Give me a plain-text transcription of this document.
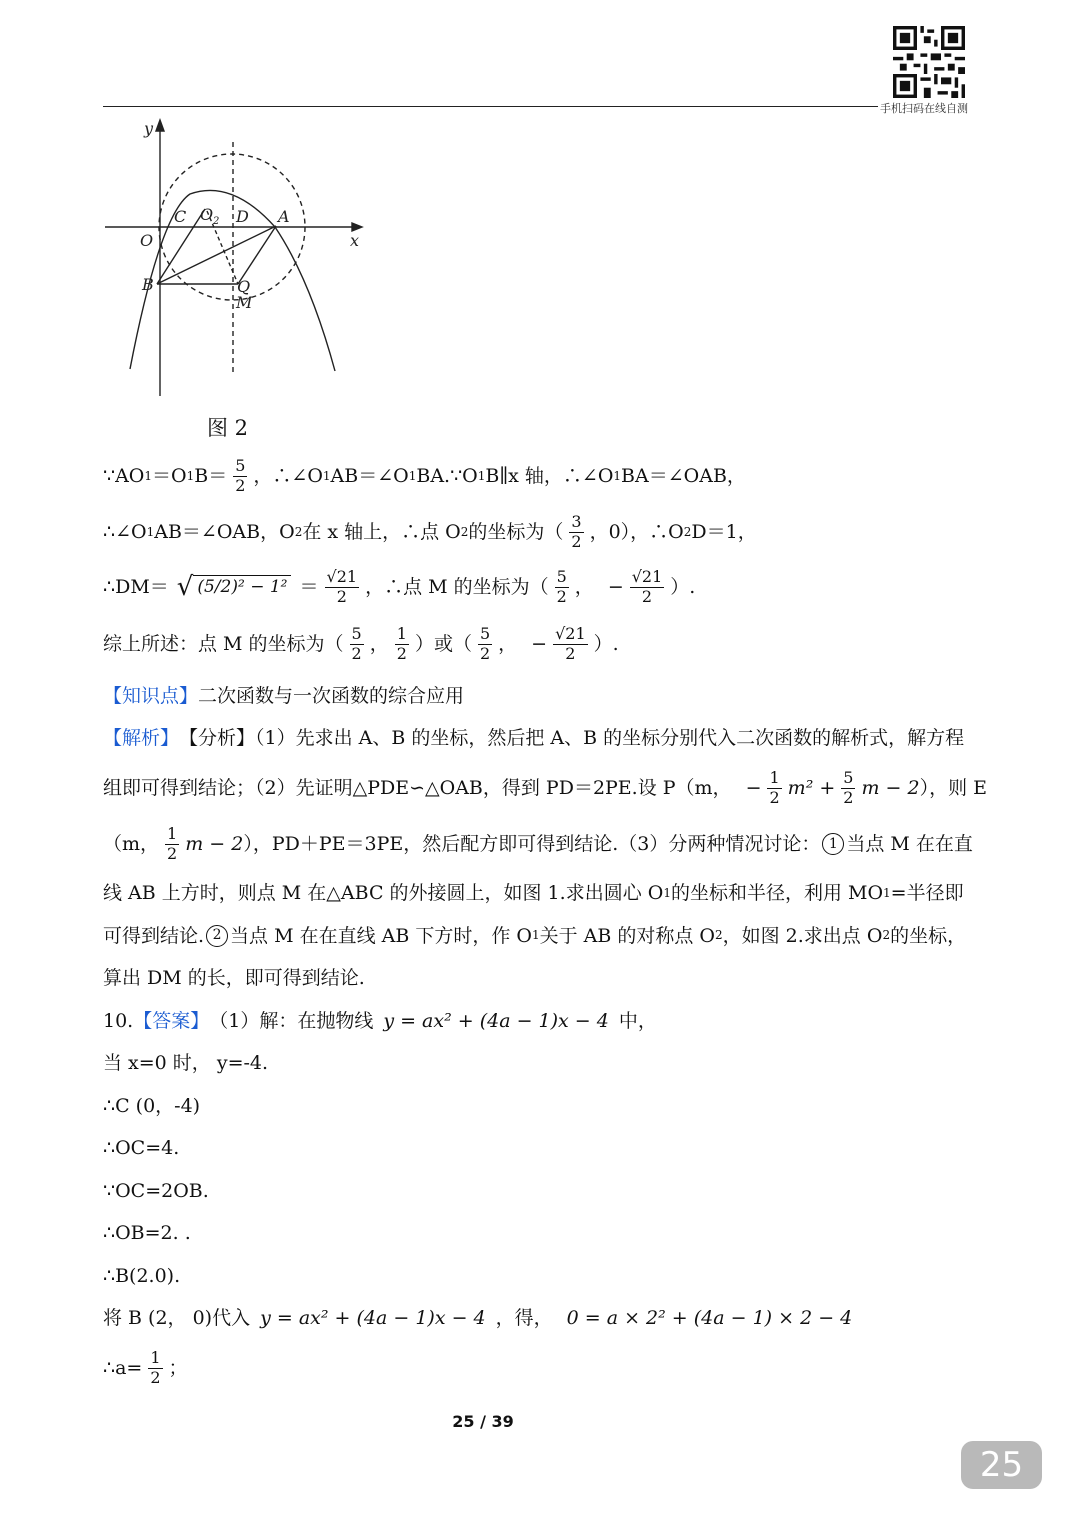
手机扫码在线自测
y
x
O
C O 2 D A
B	Q
M
图 2
∵AO 1 ＝O 1 $B= \frac{5}{2}$ ，∴∠O 1 AB＝∠O 1 BA.∵O 1 B∥x 轴，∴∠O 1 BA＝∠OAB，
∴∠O 1 AB＝∠OAB，O 2 在 x 轴上，∴点 O 2 的坐标为（ $\frac{3}{2}$ ，0），∴O 2 D＝1，
∴DM＝ √ $(5/2)^2 - 1^2 = \frac{√21}{2}$ ，∴点 M 的坐标为（ $\frac{5}{2}$ ， − $\frac{√21}{2}$ ）.
综上所述：点 M 的坐标为（ $\frac{5}{2}$ ， $\frac{1}{2}$ ）或（ $\frac{5}{2}$ ， − $\frac{√21}{2}$ ）.
【知识点】 二次函数与一次函数的综合应用
【解析】 【分析】（1）先求出 A、B 的坐标，然后把 A、B 的坐标分别代入二次函数的解析式，解方程
组即可得到结论；（2）先证明△PDE∽△OAB，得到 PD＝2PE.设 P（m， − $\frac{1}{2} m^2 + \frac{5}{2}$ m − 2 ），则 E
（m， $\frac{1}{2}$ m − 2 ），PD＋PE＝3PE，然后配方即可得到结论.（3）分两种情况讨论： 1 当点 M 在在直
线 AB 上方时，则点 M 在△ABC 的外接圆上，如图 1.求出圆心 O 1 的坐标和半径，利用 MO 1 =半径即
可得到结论. 2 当点 M 在在直线 AB 下方时，作 O 1 关于 AB 的对称点 O 2 ，如图 2.求出点 O 2 的坐标，
算出 DM 的长，即可得到结论.
10. 【答案】 （1）解：在抛物线 y = ax² + (4a − 1)x − 4 中，
当 x=0 时， y=-4.
∴C (0，-4)
∴OC=4.
∵OC=2OB.
∴OB=2. .
∴B(2.0).
将 B (2， 0)代入 y = ax² + (4a − 1)x − 4 ，得， 0 = a × 2² + (4a − 1) × 2 − 4
∴a= $\frac{1}{2}$ ；
25 / 39
25
